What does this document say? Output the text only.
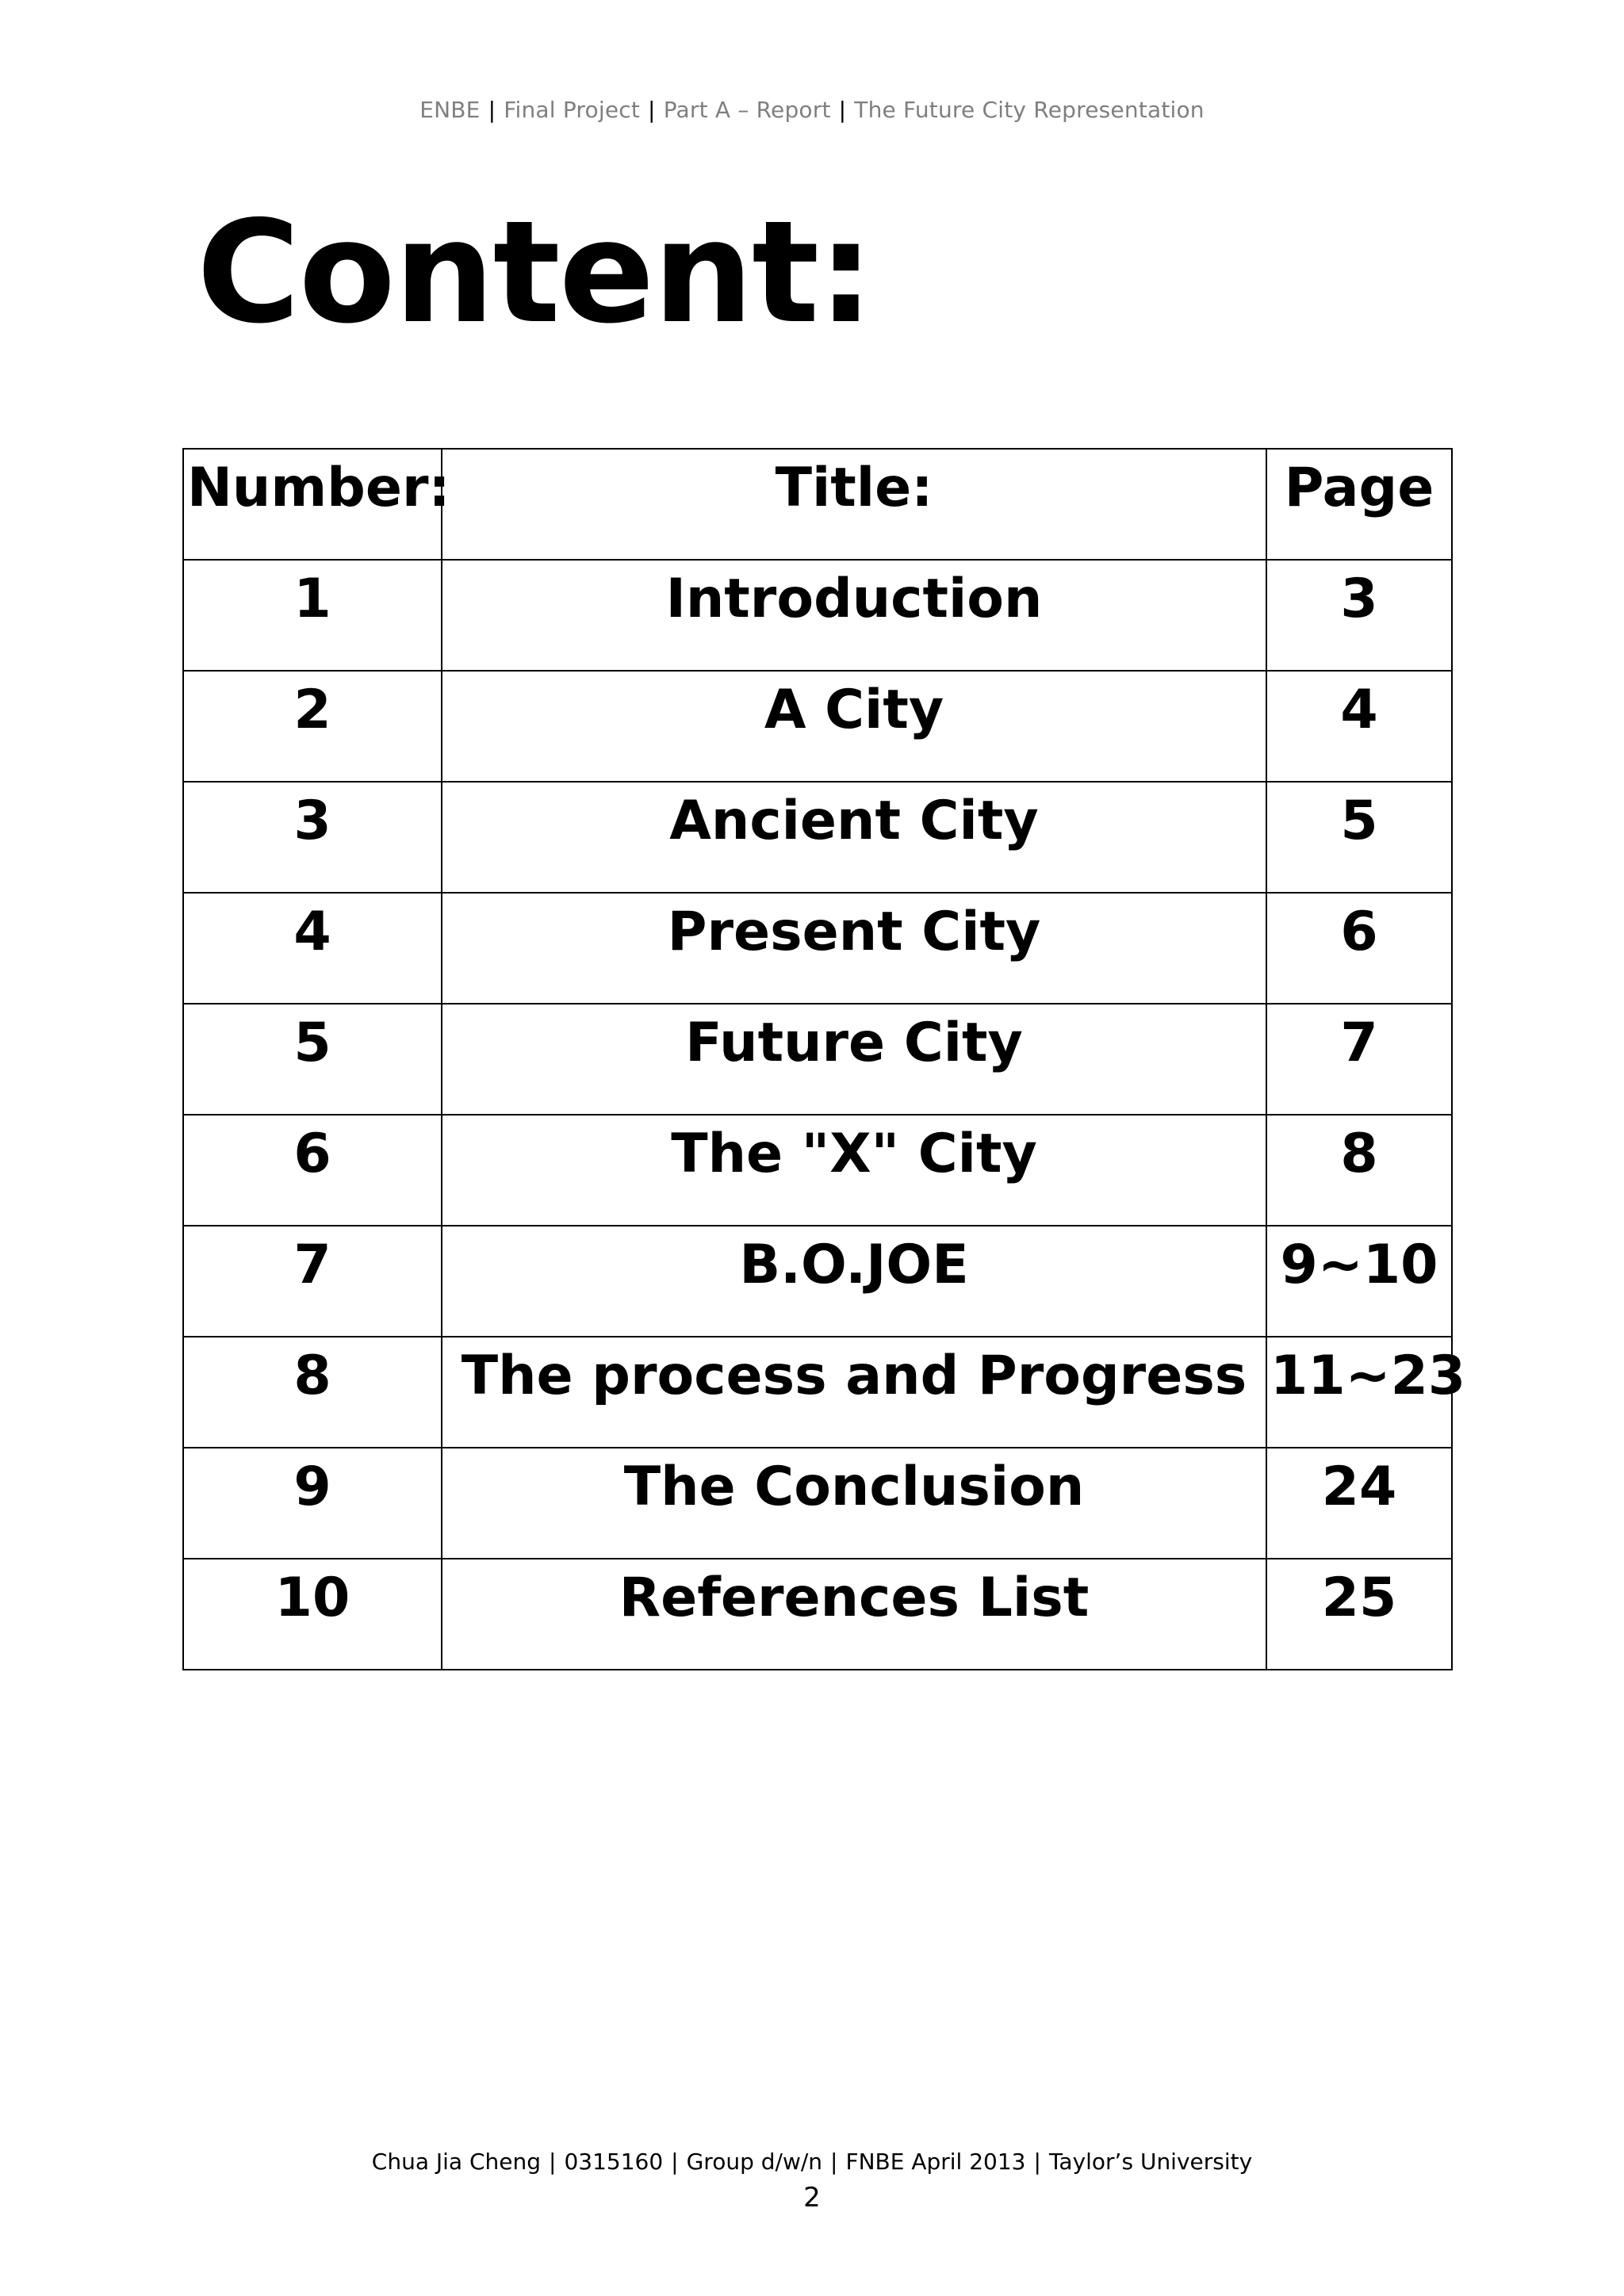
ENBE | Final Project | Part A – Report | The Future City Representation
Content:
Number:	Title:	Page
1	Introduction	3
2	A City	4
3	Ancient City	5
4	Present City	6
5	Future City	7
6	The "X" City	8
7	B.O.JOE	9~10
8	The process and Progress	11~23
9	The Conclusion	24
10	References List	25
Chua Jia Cheng | 0315160 | Group d/w/n | FNBE April 2013 | Taylor’s University
2
